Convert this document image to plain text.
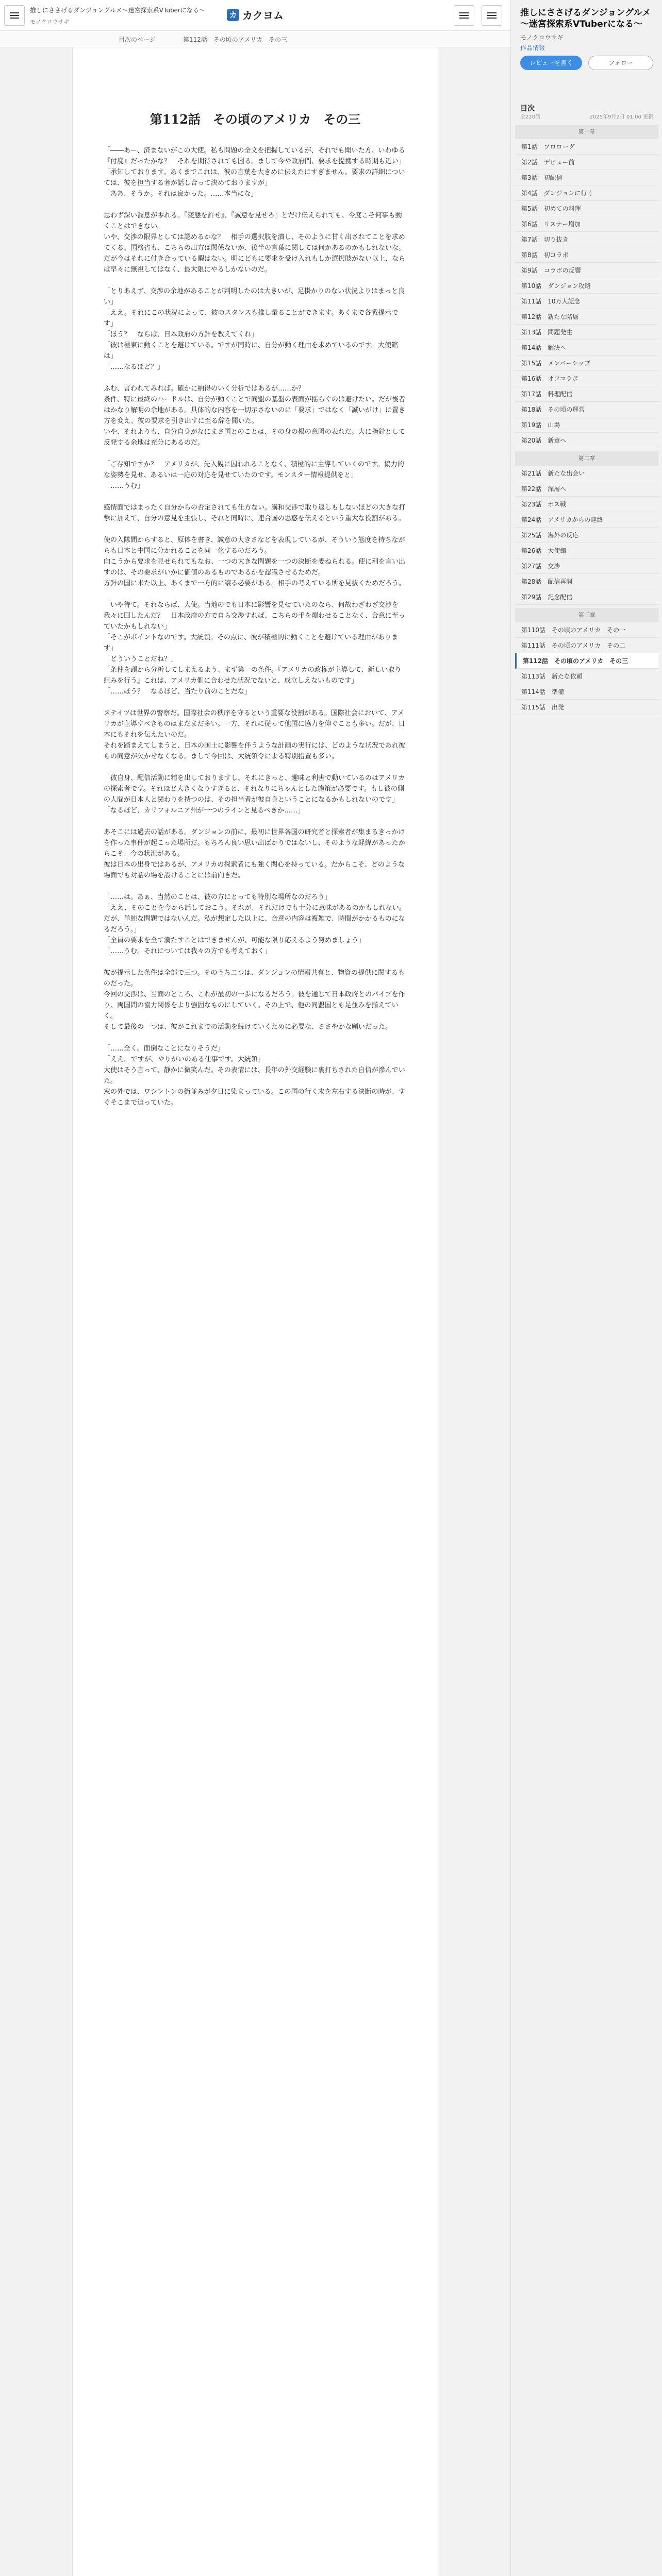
推しにささげるダンジョングルメ～迷宮探索系VTuberになる～
モノクロウサギ
カ カクヨム
目次のページ	第112話　その頃のアメリカ　その三
第112話　その頃のアメリカ　その三

「――あー、済まないがこの大使。私も問題の全文を把握しているが、それでも聞いた方、いわゆる『付度』だったかな？　それを期待されても困る。まして今や政府間、要求を提携する時期も近い」
「承知しております。あくまでこれは、彼の言葉を大きめに伝えたにすぎません。要求の詳細については、彼を担当する者が話し合って決めておりますが」
「ああ、そうか。それは良かった。……本当にな」

思わず深い溜息が零れる。『変態を許せ』、『誠意を見せろ』とだけ伝えられても、今度こそ何事も動くことはできない。
いや、交渉の限界としては認めるかな？　相手の選択肢を潰し、そのように甘く出されてことを求めてくる。国務省も、こちらの出方は関係ないが、後半の言葉に関しては何かあるのかもしれないな。
だが今はそれに付き合っている暇はない。明にどもに要求を受け入れもしか選択肢がない以上、ならば早々に無視してはなく、最大限にやるしかないのだ。

「とりあえず、交渉の余地があることが判明したのは大きいが、足掛かりのない状況よりはまっと良い」
「ええ。それにこの状況によって、彼のスタンスも推し量ることができます。あくまで各戦提示です」
「ほう？　ならば、日本政府の方針を教えてくれ」
「彼は極東に動くことを避けている。ですが同時に、自分が動く理由を求めているのです。大使館は」
「……なるほど？」

ふむ、言われてみれば。確かに納得のいく分析ではあるが……か？
条件、特に最終のハードルは、自分が動くことで同盟の基盤の表面が揺らぐのは避けたい。だが後者はかなり解明の余地がある。具体的な内容を一切示さないのに「要求」ではなく「誠いがけ」に置き方を変え、彼の要求を引き出すに至る辞を聞いた。
いや、それよりも、自分自身がなにまさ国とのことは、その身の根の意図の表れだ。大に指針として反発する余地は充分にあるのだ。

「ご存知ですか？　アメリカが、先入観に囚われることなく、積極的に主導していくのです。協力的な姿勢を見せ、あるいは一応の対応を見せていたのです。モンスター情報提供をと」
「……うむ」

感情面ではまったく自分からの否定されても仕方ない。講和交渉で取り返しもしないほどの大きな打撃に加えて、自分の意見を主張し、それと同時に、連合国の思惑を伝えるという重大な役割がある。

使の入隊間からすると、原体を書き、誠意の大きさなどを表現しているが、そういう態度を持ちながらも日本と中国に分かれることを同一化するのだろう。
向こうから要求を見せられてもなお、一つの大きな問題を一つの決断を委ねられる。使に利を言い出すのは、その要求がいかに価値のあるものであるかを認識させるためだ。
方針の国に来た以上、あくまで一方的に譲る必要がある。相手の考えている所を見抜くためだろう。

「いや待て。それならば、大使。当地のでも日本に影響を見せていたのなら、何故わざわざ交渉を我々に回したんだ？　日本政府の方で自ら交渉すれば、こちらの手を煩わせることなく、合意に至っていたかもしれない」
「そこがポイントなのです。大統領。その点に、彼が積極的に動くことを避けている理由があります」
「どういうことだね？」
「条件を頭から分析してしまえるよう、まず第一の条件。『アメリカの政権が主導して、新しい取り組みを行う』これは、アメリカ側に合わせた状況でないと、成立しえないものです」
「……ほう？　なるほど、当たり前のことだな」

ステイツは世界の警察だ。国際社会の秩序を守るという重要な役割がある。国際社会において、アメリカが主導すべきものはまだまだ多い。一方、それに従って他国に協力を仰ぐことも多い。だが、日本にもそれを伝えたいのだ。
それを踏まえてしまうと、日本の国土に影響を伴うような計画の実行には、どのような状況であれ彼らの同意が欠かせなくなる。まして今回は、大統領令による特別措置も多い。

「彼自身、配信活動に精を出しておりますし、それにきっと、趣味と利害で動いているのはアメリカの探索者です。それほど大きくなりすぎると、それなりにちゃんとした施策が必要です。もし彼の側の人間が日本人と関わりを持つのは、その担当者が彼自身ということになるかもしれないのです」
「なるほど、カリフォルニア州が一つのラインと見るべきか……」

あそこには過去の話がある。ダンジョンの前に、最初に世界各国の研究者と探索者が集まるきっかけを作った事件が起こった場所だ。もちろん良い思い出ばかりではないし、そのような経緯があったからこそ、今の状況がある。
彼は日本の出身ではあるが、アメリカの探索者にも強く関心を持っている。だからこそ、どのような場面でも対話の場を設けることには前向きだ。

「……は。あぁ、当然のことは、彼の方にとっても特別な場所なのだろう」
「ええ、そのことを今から話しておこう。それが、それだけでも十分に意味があるのかもしれない。だが、単純な問題ではないんだ。私が想定した以上に、合意の内容は複雑で、時間がかかるものになるだろう。」
「全員の要求を全て満たすことはできませんが、可能な限り応えるよう努めましょう」
「……うむ。それについては我々の方でも考えておく」

彼が提示した条件は全部で三つ。そのうち二つは、ダンジョンの情報共有と、物資の提供に関するものだった。
今回の交渉は、当面のところ、これが最初の一歩になるだろう。彼を通じて日本政府とのパイプを作り、両国間の協力関係をより強固なものにしていく。その上で、他の同盟国とも足並みを揃えていく。
そして最後の一つは、彼がこれまでの活動を続けていくために必要な、ささやかな願いだった。

「……全く。面倒なことになりそうだ」
「ええ。ですが、やりがいのある仕事です。大統領」
大使はそう言って、静かに微笑んだ。その表情には、長年の外交経験に裏打ちされた自信が滲んでいた。
窓の外では、ワシントンの街並みが夕日に染まっている。この国の行く末を左右する決断の時が、すぐそこまで迫っていた。

推しにささげるダンジョングルメ～迷宮探索系VTuberになる～
モノクロウサギ
作品情報
レビューを書く	フォロー
目次
全220話	2025年9月2日 01:00 更新
第一章
第1話　プロローグ
第2話　デビュー前
第3話　初配信
第4話　ダンジョンに行く
第5話　初めての料理
第6話　リスナー増加
第7話　切り抜き
第8話　初コラボ
第9話　コラボの反響
第10話　ダンジョン攻略
第11話　10万人記念
第12話　新たな階層
第13話　問題発生
第14話　解決へ
第15話　メンバーシップ
第16話　オフコラボ
第17話　料理配信
第18話　その頃の運営
第19話　山場
第20話　新章へ
第二章
第21話　新たな出会い
第22話　深層へ
第23話　ボス戦
第24話　アメリカからの連絡
第25話　海外の反応
第26話　大使館
第27話　交渉
第28話　配信再開
第29話　記念配信
第三章
第110話　その頃のアメリカ　その一
第111話　その頃のアメリカ　その二
第112話　その頃のアメリカ　その三
第113話　新たな依頼
第114話　準備
第115話　出発
